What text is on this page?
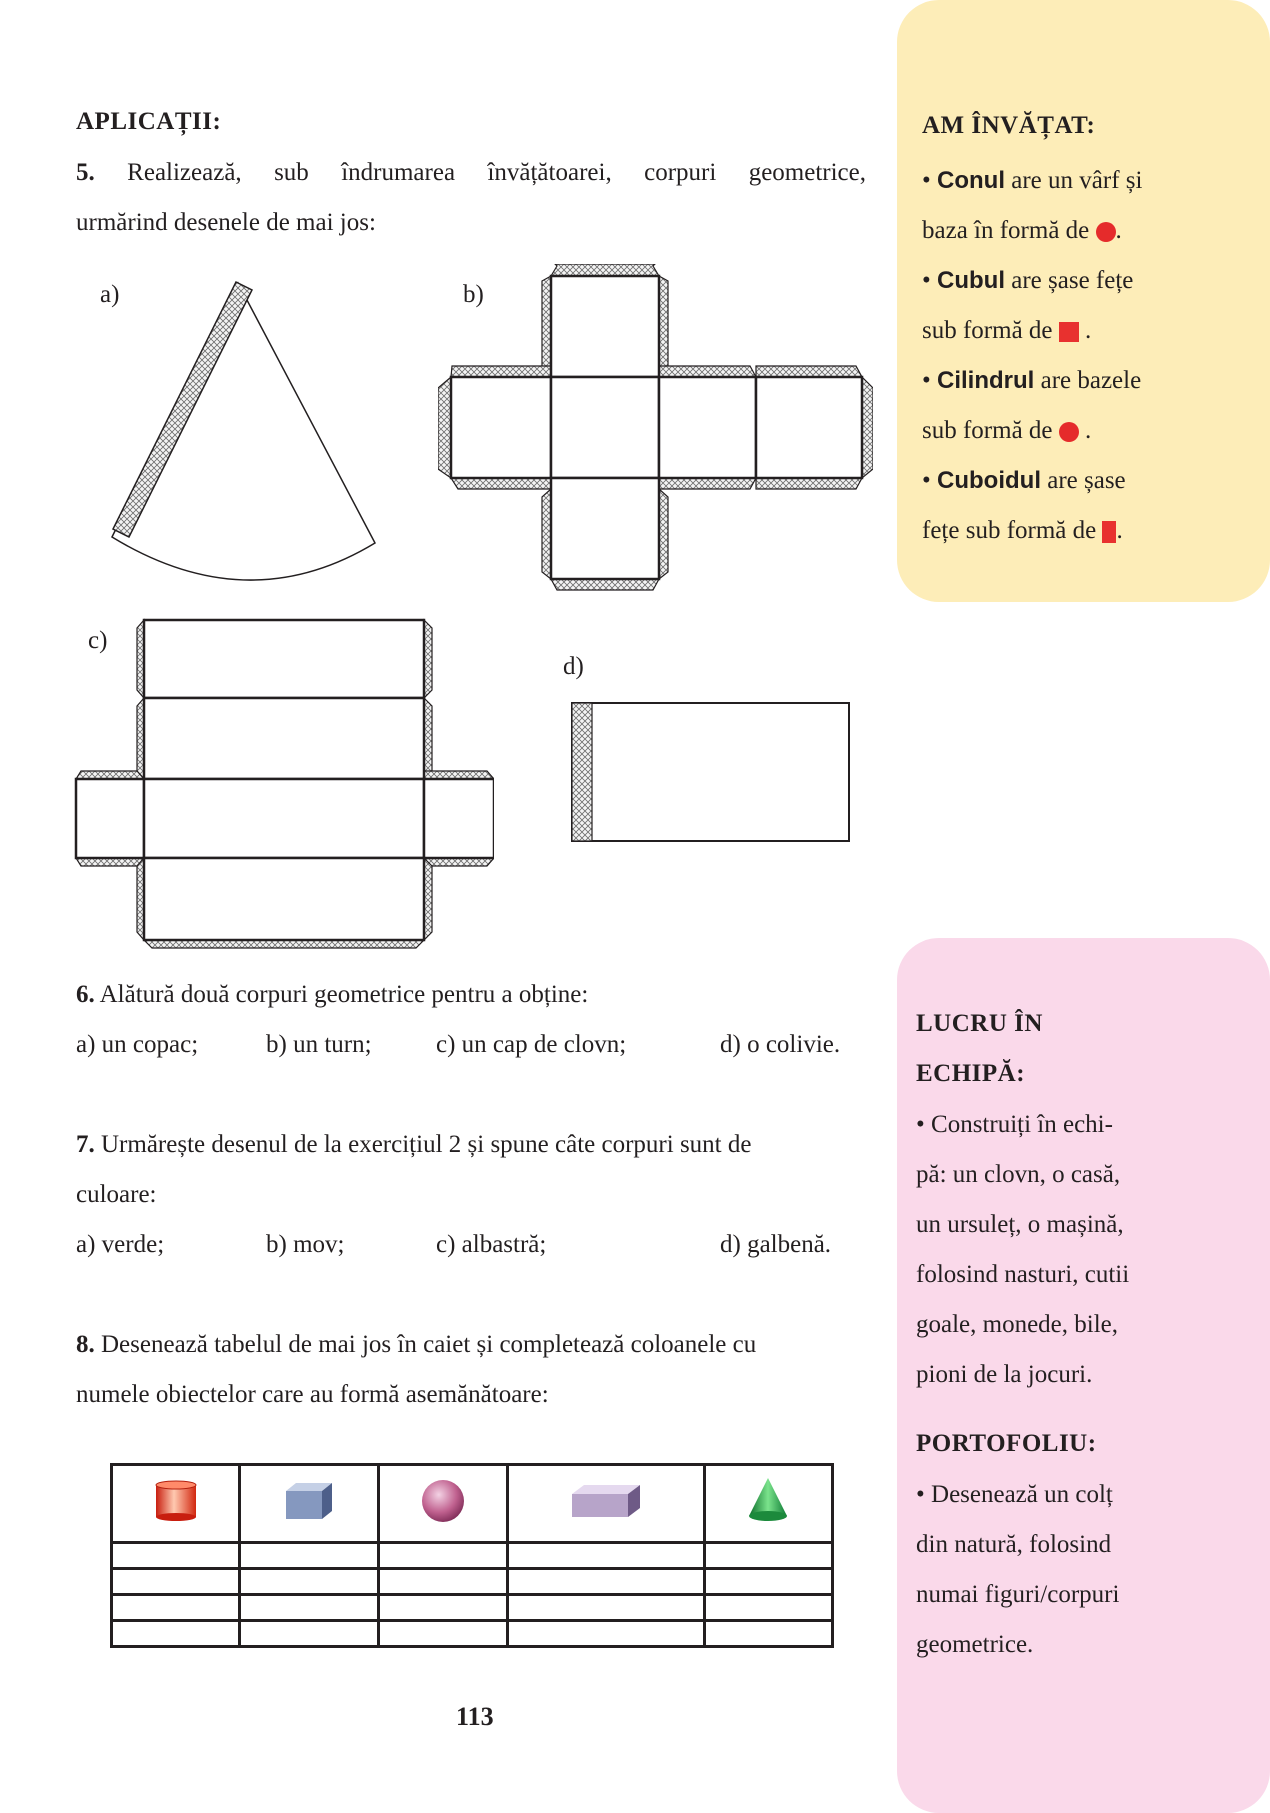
AM ÎNVĂȚAT:
• Conul are un vârf și
baza în formă de .
• Cubul are șase fețe
sub formă de  .
• Cilindrul are bazele
sub formă de  .
• Cuboidul are șase
fețe sub formă de .
LUCRU ÎN
ECHIPĂ:
• Construiți în echi-
pă: un clovn, o casă,
un ursuleț, o mașină,
folosind nasturi, cutii
goale, monede, bile,
pioni de la jocuri.
PORTOFOLIU:
• Desenează un colț
din natură, folosind
numai figuri/corpuri
geometrice.
APLICAȚII:
5. Realizează, sub îndrumarea învățătoarei, corpuri geometrice,
urmărind desenele de mai jos:
a)	b)
c)
d)
6. Alătură două corpuri geometrice pentru a obține:
a) un copac;	b) un turn;	c) un cap de clovn;	d) o colivie.
7. Urmărește desenul de la exercițiul 2 și spune câte corpuri sunt de
culoare:
a) verde;	b) mov;	c) albastră;	d) galbenă.
8. Desenează tabelul de mai jos în caiet și completează coloanele cu
numele obiectelor care au formă asemănătoare:

113
